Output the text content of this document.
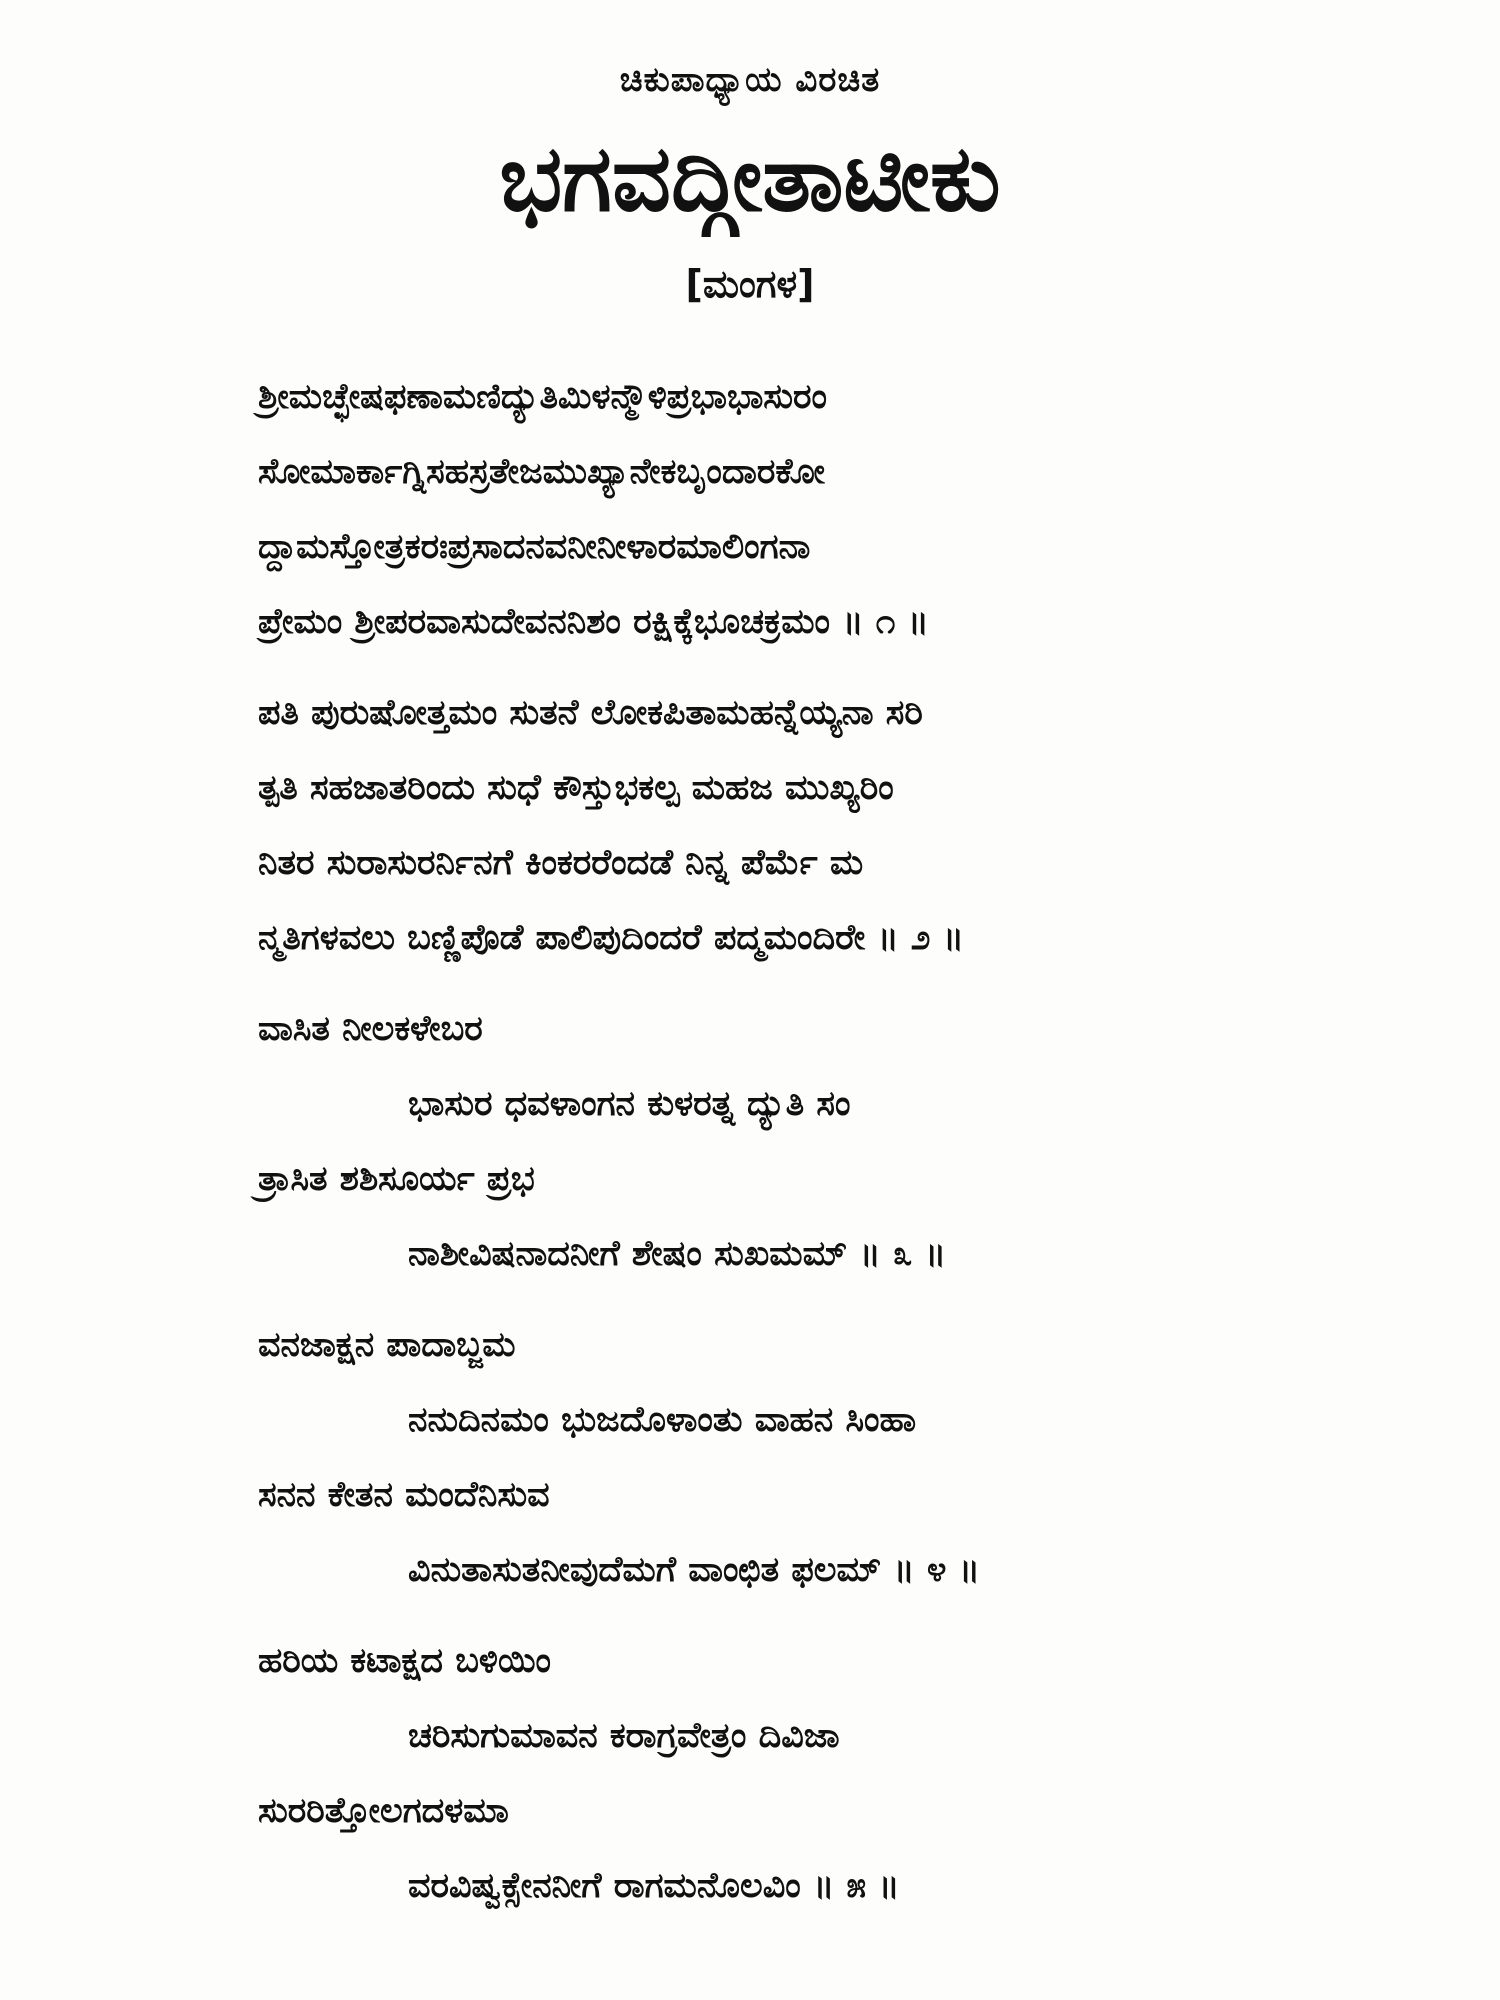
ಚಿಕುಪಾಧ್ಯಾಯ ವಿರಚಿತ
ಭಗವದ್ಗೀತಾಟೀಕು
[ಮಂಗಳ]
ಶ್ರೀಮಚ್ಛೇಷಫಣಾಮಣಿದ್ಯುತಿಮಿಳನ್ಮೌಳಿಪ್ರಭಾಭಾಸುರಂ
ಸೋಮಾರ್ಕಾಗ್ನಿಸಹಸ್ರತೇಜಮುಖ್ಯಾನೇಕಬೃಂದಾರಕೋ
ದ್ದಾಮಸ್ತೋತ್ರಕರಃಪ್ರಸಾದನವನೀನೀಳಾರಮಾಲಿಂಗನಾ
ಪ್ರೇಮಂ ಶ್ರೀಪರವಾಸುದೇವನನಿಶಂ ರಕ್ಷಿಕ್ಕೆಭೂಚಕ್ರಮಂ ॥ ೧ ॥
ಪತಿ ಪುರುಷೋತ್ತಮಂ ಸುತನೆ ಲೋಕಪಿತಾಮಹನ್ನೆಯ್ಯನಾ ಸರಿ
ತ್ಪತಿ ಸಹಜಾತರಿಂದು ಸುಧೆ ಕೌಸ್ತುಭಕಲ್ಪ ಮಹಜ ಮುಖ್ಯರಿಂ
ನಿತರ ಸುರಾಸುರರ್ನಿನಗೆ ಕಿಂಕರರೆಂದಡೆ ನಿನ್ನ ಪೆರ್ಮೆ ಮ
ನ್ಮತಿಗಳವಲು ಬಣ್ಣಿಪೊಡೆ ಪಾಲಿಪುದಿಂದರೆ ಪದ್ಮಮಂದಿರೇ ॥ ೨ ॥
ವಾಸಿತ ನೀಲಕಳೇಬರ
ಭಾಸುರ ಧವಳಾಂಗನ ಕುಳರತ್ನ ದ್ಯುತಿ ಸಂ
ತ್ರಾಸಿತ ಶಶಿಸೂರ್ಯ ಪ್ರಭ
ನಾಶೀವಿಷನಾದನೀಗೆ ಶೇಷಂ ಸುಖಮಮ್ ॥ ೩ ॥
ವನಜಾಕ್ಷನ ಪಾದಾಬ್ಜಮ
ನನುದಿನಮಂ ಭುಜದೊಳಾಂತು ವಾಹನ ಸಿಂಹಾ
ಸನನ ಕೇತನ ಮಂದೆನಿಸುವ
ವಿನುತಾಸುತನೀವುದೆಮಗೆ ವಾಂಛಿತ ಫಲಮ್ ॥ ೪ ॥
ಹರಿಯ ಕಟಾಕ್ಷದ ಬಳಿಯಿಂ
ಚರಿಸುಗುಮಾವನ ಕರಾಗ್ರವೇತ್ರಂ ದಿವಿಜಾ
ಸುರರಿತ್ತೋಲಗದಳಮಾ
ವರವಿಷ್ವಕ್ಸೇನನೀಗೆ ರಾಗಮನೊಲವಿಂ ॥ ೫ ॥
